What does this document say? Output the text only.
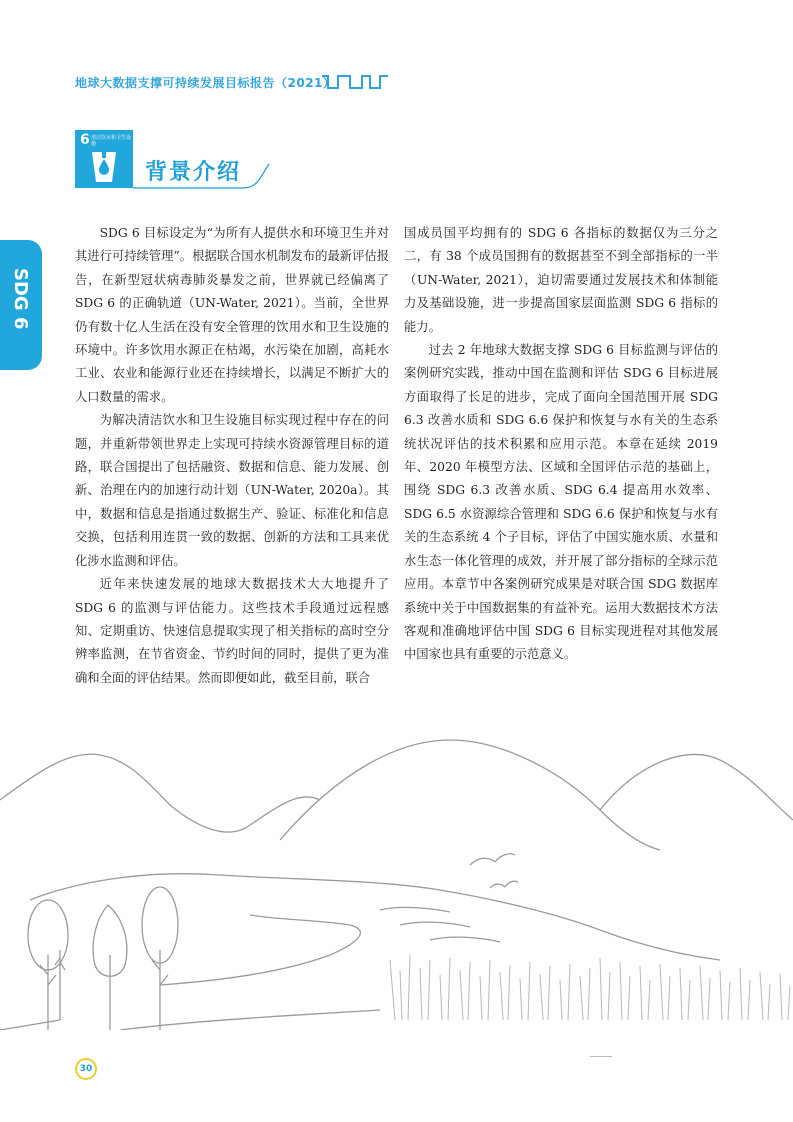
地球大数据支撑可持续发展目标报告（2021）
6 清洁饮水和卫生设施
背景介绍
SDG 6

SDG 6 目标设定为“为所有人提供水和环境卫生并对其进行可持续管理”。根据联合国水机制发布的最新评估报告，在新型冠状病毒肺炎暴发之前，世界就已经偏离了 SDG 6 的正确轨道（UN-Water, 2021）。当前，全世界仍有数十亿人生活在没有安全管理的饮用水和卫生设施的环境中。许多饮用水源正在枯竭，水污染在加剧，高耗水工业、农业和能源行业还在持续增长，以满足不断扩大的人口数量的需求。

为解决清洁饮水和卫生设施目标实现过程中存在的问题，并重新带领世界走上实现可持续水资源管理目标的道路，联合国提出了包括融资、数据和信息、能力发展、创新、治理在内的加速行动计划（UN-Water, 2020a）。其中，数据和信息是指通过数据生产、验证、标准化和信息交换，包括利用连贯一致的数据、创新的方法和工具来优化涉水监测和评估。

近年来快速发展的地球大数据技术大大地提升了 SDG 6 的监测与评估能力。这些技术手段通过远程感知、定期重访、快速信息提取实现了相关指标的高时空分辨率监测，在节省资金、节约时间的同时，提供了更为准确和全面的评估结果。然而即便如此，截至目前，联合

国成员国平均拥有的 SDG 6 各指标的数据仅为三分之二，有 38 个成员国拥有的数据甚至不到全部指标的一半（UN-Water, 2021），迫切需要通过发展技术和体制能力及基础设施，进一步提高国家层面监测 SDG 6 指标的能力。

过去 2 年地球大数据支撑 SDG 6 目标监测与评估的案例研究实践，推动中国在监测和评估 SDG 6 目标进展方面取得了长足的进步，完成了面向全国范围开展 SDG 6.3 改善水质和 SDG 6.6 保护和恢复与水有关的生态系统状况评估的技术积累和应用示范。本章在延续 2019 年、2020 年模型方法、区域和全国评估示范的基础上，围绕 SDG 6.3 改善水质、SDG 6.4 提高用水效率、SDG 6.5 水资源综合管理和 SDG 6.6 保护和恢复与水有关的生态系统 4 个子目标，评估了中国实施水质、水量和水生态一体化管理的成效，并开展了部分指标的全球示范应用。本章节中各案例研究成果是对联合国 SDG 数据库系统中关于中国数据集的有益补充。运用大数据技术方法客观和准确地评估中国 SDG 6 目标实现进程对其他发展中国家也具有重要的示范意义。

30
